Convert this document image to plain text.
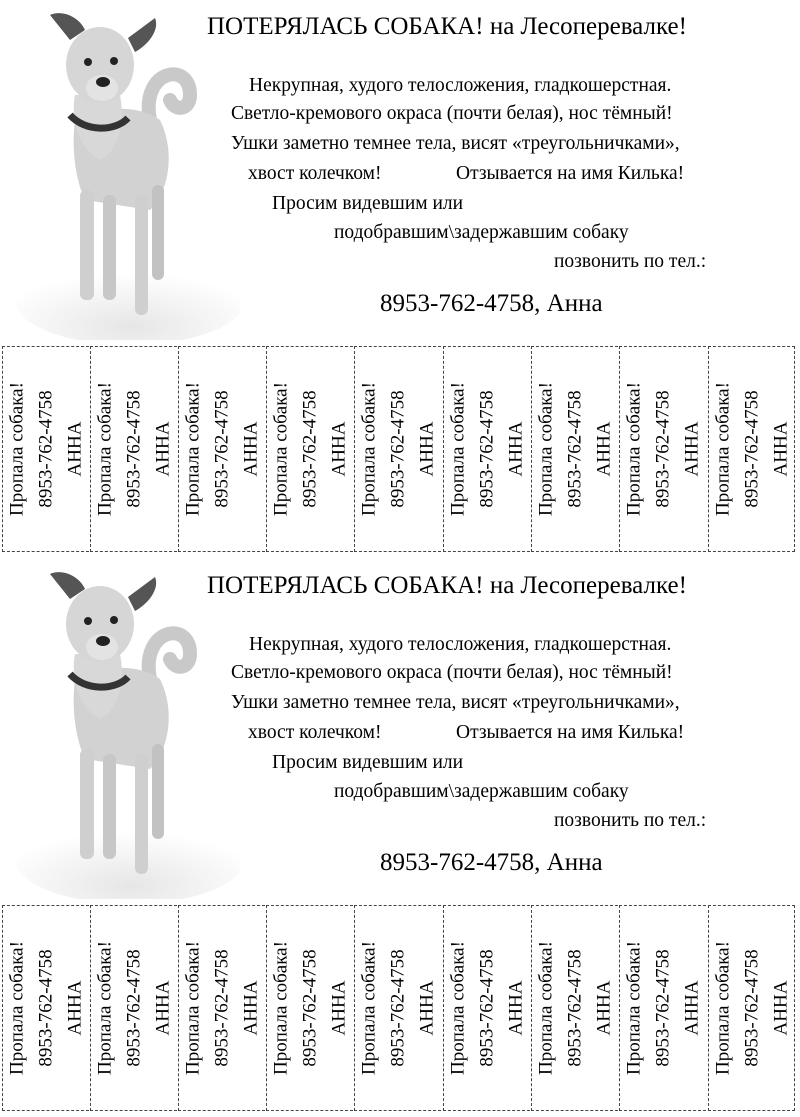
ПОТЕРЯЛАСЬ СОБАКА! на Лесоперевалке!
Некрупная, худого телосложения, гладкошерстная.
Светло-кремового окраса (почти белая), нос тёмный!
Ушки заметно темнее тела, висят «треугольничками»,
хвост колечком!	Отзывается на имя Килька!
Просим видевшим или
подобравшим\задержавшим собаку
позвонить по тел.:
8953-762-4758, Анна
Пропала собака! 8953-762-4758 АННА Пропала собака! 8953-762-4758 АННА Пропала собака! 8953-762-4758 АННА Пропала собака! 8953-762-4758 АННА Пропала собака! 8953-762-4758 АННА Пропала собака! 8953-762-4758 АННА Пропала собака! 8953-762-4758 АННА Пропала собака! 8953-762-4758 АННА Пропала собака! 8953-762-4758 АННА
ПОТЕРЯЛАСЬ СОБАКА! на Лесоперевалке!
Некрупная, худого телосложения, гладкошерстная.
Светло-кремового окраса (почти белая), нос тёмный!
Ушки заметно темнее тела, висят «треугольничками»,
хвост колечком!	Отзывается на имя Килька!
Просим видевшим или
подобравшим\задержавшим собаку
позвонить по тел.:
8953-762-4758, Анна
Пропала собака! 8953-762-4758 АННА Пропала собака! 8953-762-4758 АННА Пропала собака! 8953-762-4758 АННА Пропала собака! 8953-762-4758 АННА Пропала собака! 8953-762-4758 АННА Пропала собака! 8953-762-4758 АННА Пропала собака! 8953-762-4758 АННА Пропала собака! 8953-762-4758 АННА Пропала собака! 8953-762-4758 АННА
